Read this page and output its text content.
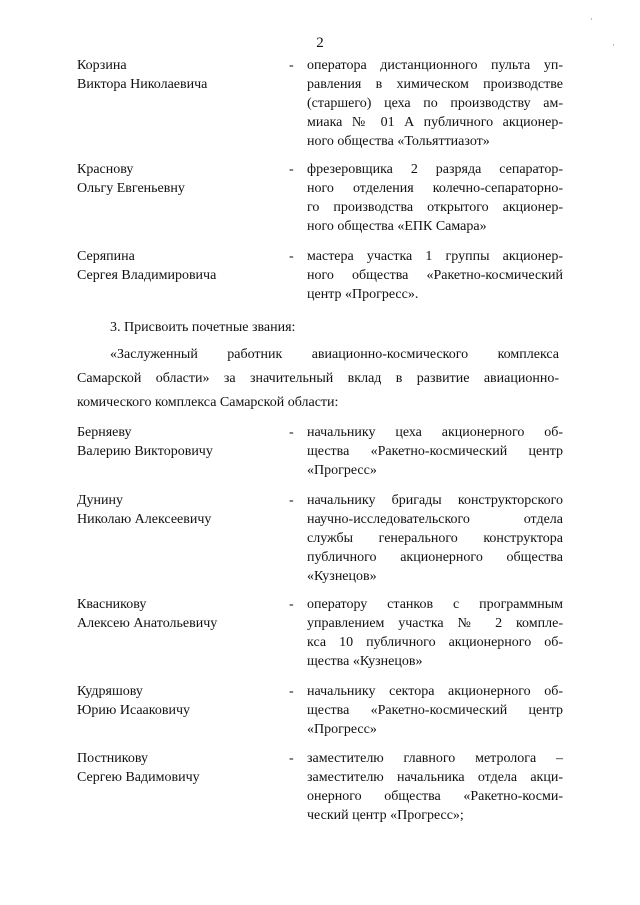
2
Корзина
Виктора Николаевича
- оператора дистанционного пульта уп-
равления в химическом производстве
(старшего) цеха по производству ам-
миака № 01 А публичного акционер-
ного общества «Тольяттиазот»
Краснову
Ольгу Евгеньевну
- фрезеровщика 2 разряда сепаратор-
ного отделения колечно-сепараторно-
го производства открытого акционер-
ного общества «ЕПК Самара»
Серяпина
Сергея Владимировича
- мастера участка 1 группы акционер-
ного общества «Ракетно-космический
центр «Прогресс».
3. Присвоить почетные звания:
«Заслуженный работник авиационно-космического комплекса
Самарской области» за значительный вклад в развитие авиационно-
комического комплекса Самарской области:
Берняеву
Валерию Викторовичу
- начальнику цеха акционерного об-
щества «Ракетно-космический центр
«Прогресс»
Дунину
Николаю Алексеевичу
- начальнику бригады конструкторского
научно-исследовательского отдела
службы генерального конструктора
публичного акционерного общества
«Кузнецов»
Квасникову
Алексею Анатольевичу
- оператору станков с программным
управлением участка № 2 комплe-
кса 10 публичного акционерного об-
щества «Кузнецов»
Кудряшову
Юрию Исааковичу
- начальнику сектора акционерного об-
щества «Ракетно-космический центр
«Прогресс»
Постникову
Сергею Вадимовичу
- заместителю главного метролога –
заместителю начальника отдела акци-
онерного общества «Ракетно-косми-
ческий центр «Прогресс»;
·
·
